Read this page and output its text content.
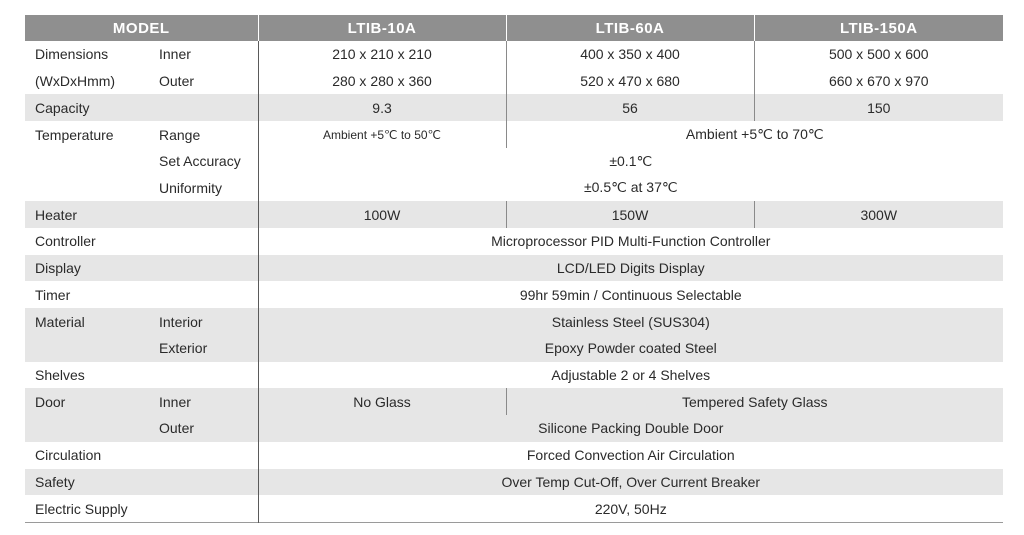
MODEL		LTIB-10A	LTIB-60A	LTIB-150A
Dimensions	Inner	210 x 210 x 210	400 x 350 x 400	500 x 500 x 600
(WxDxHmm)	Outer	280 x 280 x 360	520 x 470 x 680	660 x 670 x 970
Capacity		9.3	56	150
Temperature	Range	Ambient +5℃ to 50℃	Ambient +5℃ to 70℃	
	Set Accuracy	±0.1℃		
	Uniformity	±0.5℃ at 37℃		
Heater		100W	150W	300W
Controller		Microprocessor PID Multi-Function Controller		
Display		LCD/LED Digits Display		
Timer		99hr 59min / Continuous Selectable		
Material	Interior	Stainless Steel (SUS304)		
	Exterior	Epoxy Powder coated Steel		
Shelves		Adjustable 2 or 4 Shelves		
Door	Inner	No Glass	Tempered Safety Glass	
	Outer	Silicone Packing Double Door		
Circulation		Forced Convection Air Circulation		
Safety		Over Temp Cut-Off, Over Current Breaker		
Electric Supply		220V, 50Hz		
